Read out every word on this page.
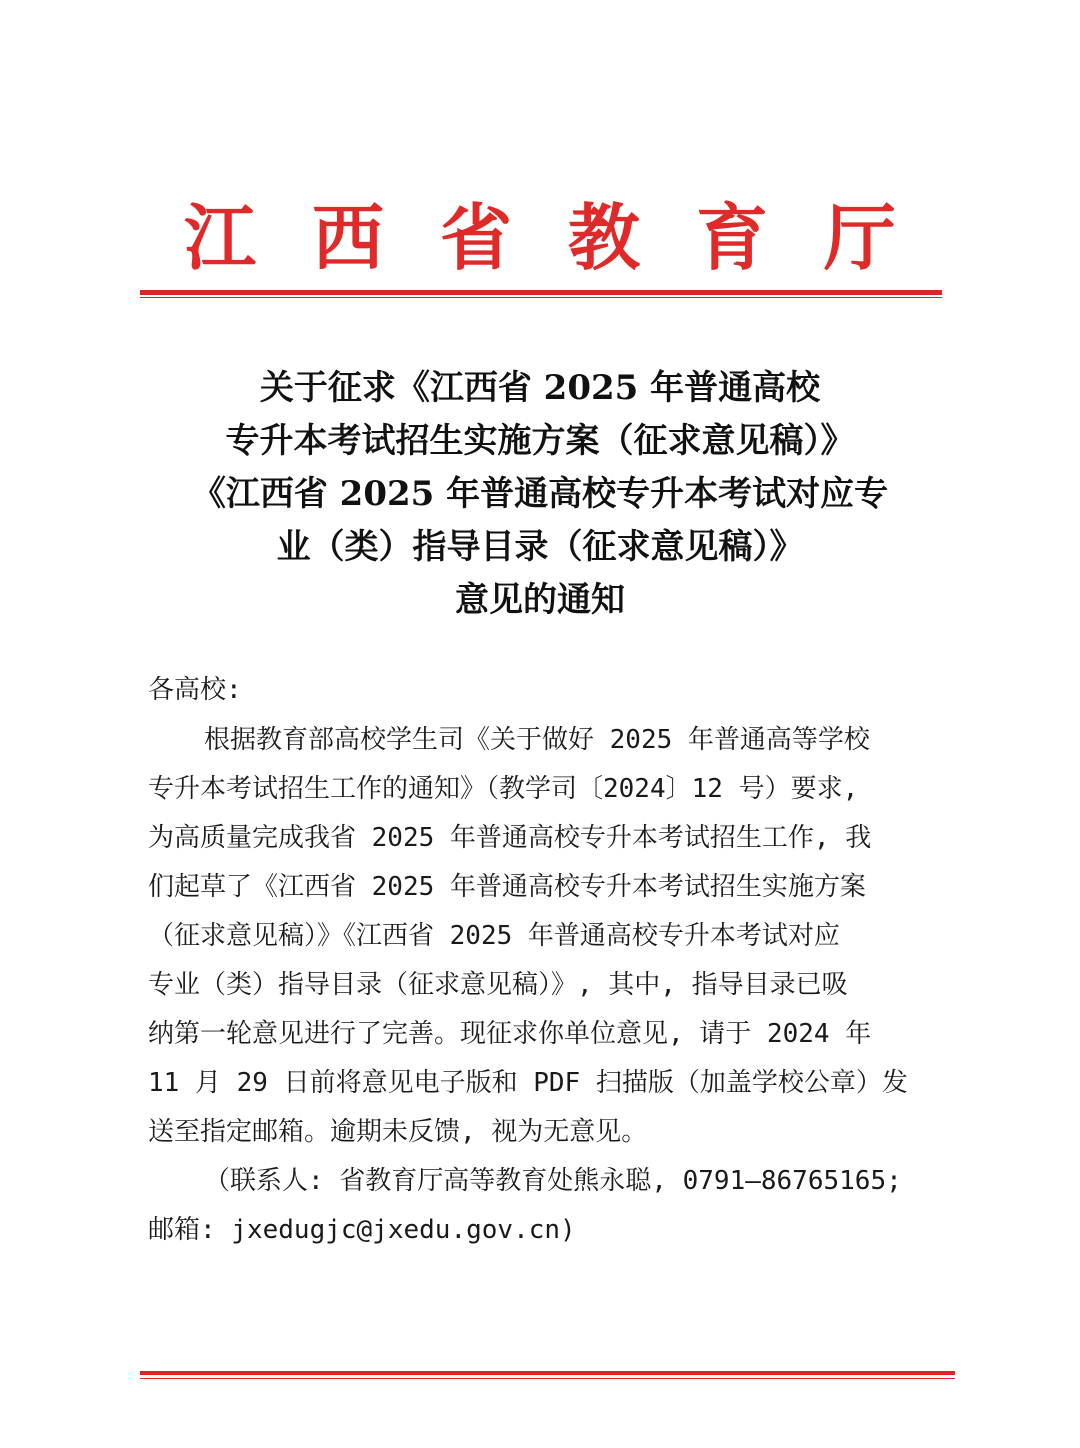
江 西 省 教 育 厅
关于征求《江西省 2025 年普通高校
专升本考试招生实施方案（征求意见稿）》
《江西省 2025 年普通高校专升本考试对应专
业（类）指导目录（征求意见稿）》
意见的通知
各高校:
根据教育部高校学生司《关于做好 2025 年普通高等学校
专升本考试招生工作的通知》（教学司〔2024〕12 号）要求,
为高质量完成我省 2025 年普通高校专升本考试招生工作, 我
们起草了《江西省 2025 年普通高校专升本考试招生实施方案
（征求意见稿）》《江西省 2025 年普通高校专升本考试对应
专业（类）指导目录（征求意见稿）》, 其中, 指导目录已吸
纳第一轮意见进行了完善。现征求你单位意见, 请于 2024 年
11 月 29 日前将意见电子版和 PDF 扫描版（加盖学校公章）发
送至指定邮箱。逾期未反馈, 视为无意见。
（联系人: 省教育厅高等教育处熊永聪, 0791—86765165;
邮箱: jxedugjc@jxedu.gov.cn)
